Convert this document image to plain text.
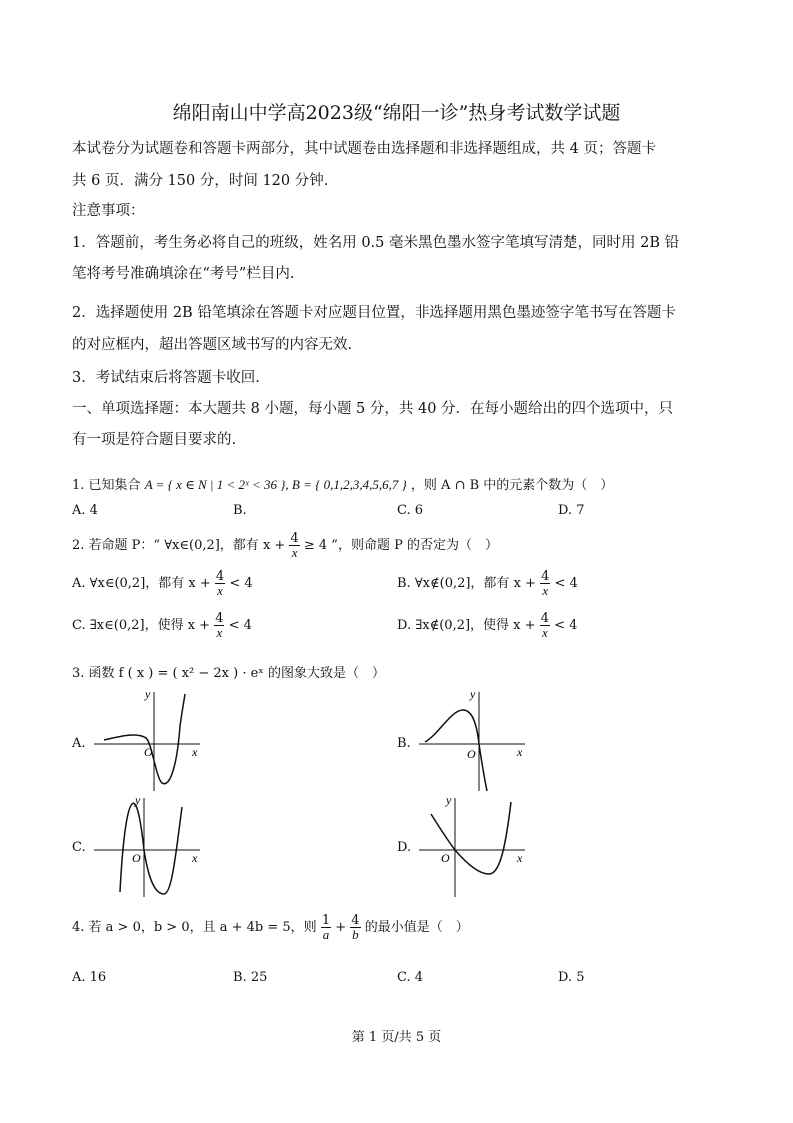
绵阳南山中学高2023级“绵阳一诊”热身考试数学试题
本试卷分为试题卷和答题卡两部分，其中试题卷由选择题和非选择题组成，共 4 页；答题卡
共 6 页．满分 150 分，时间 120 分钟.
注意事项：
1．答题前，考生务必将自己的班级，姓名用 0.5 毫米黑色墨水签字笔填写清楚，同时用 2B 铅
笔将考号准确填涂在“考号”栏目内.
2．选择题使用 2B 铅笔填涂在答题卡对应题目位置，非选择题用黑色墨迹签字笔书写在答题卡
的对应框内，超出答题区域书写的内容无效.
3．考试结束后将答题卡收回.
一、单项选择题：本大题共 8 小题，每小题 5 分，共 40 分．在每小题给出的四个选项中，只
有一项是符合题目要求的.
1. 已知集合 A = { x ∈ N | 1 < 2ˣ < 36 }, B = { 0,1,2,3,4,5,6,7 } ，则 A ∩ B 中的元素个数为（　）
A. 4	B.	C. 6	D. 7
2. 若命题 P：“ ∀x∈(0,2]，都有 $x + \frac{4}{x} \ge 4$ ”，则命题 P 的否定为（　）
A. ∀x∈(0,2]，都有 $x + \frac{4}{x} < 4$	B. ∀x∉(0,2]，都有 $x + \frac{4}{x} < 4$
C. ∃x∈(0,2]，使得 $x + \frac{4}{x} < 4$	D. ∃x∉(0,2]，使得 $x + \frac{4}{x} < 4$
3. 函数 f ( x ) = ( x² − 2x ) · eˣ 的图象大致是（　）
A.
O	x
y
B.
O	x
y
C.
O	x
y
D.
O	x
y
4. 若 a > 0，b > 0，且 a + 4b = 5，则 $\frac{1}{a} + \frac{4}{b}$ 的最小值是（　）
A. 16	B. 25	C. 4	D. 5
第 1 页/共 5 页
